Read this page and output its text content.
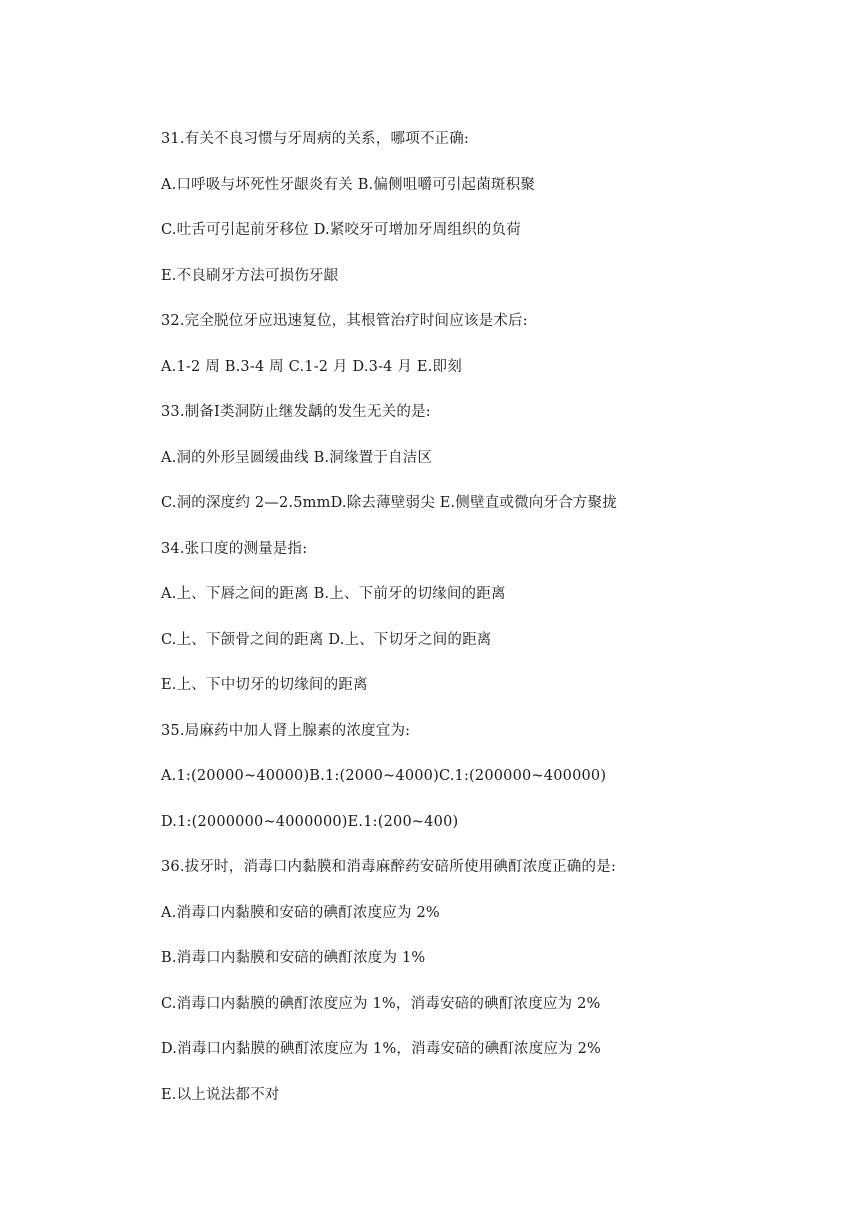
31.有关不良习惯与牙周病的关系，哪项不正确:
A.口呼吸与坏死性牙龈炎有关 B.偏侧咀嚼可引起菌斑积聚
C.吐舌可引起前牙移位 D.紧咬牙可增加牙周组织的负荷
E.不良刷牙方法可损伤牙龈
32.完全脱位牙应迅速复位，其根管治疗时间应该是术后:
A.1-2 周 B.3-4 周 C.1-2 月 D.3-4 月 E.即刻
33.制备Ⅰ类洞防止继发龋的发生无关的是:
A.洞的外形呈圆缓曲线 B.洞缘置于自洁区
C.洞的深度约 2—2.5mmD.除去薄壁弱尖 E.侧壁直或微向牙合方聚拢
34.张口度的测量是指:
A.上、下唇之间的距离 B.上、下前牙的切缘间的距离
C.上、下颌骨之间的距离 D.上、下切牙之间的距离
E.上、下中切牙的切缘间的距离
35.局麻药中加人肾上腺素的浓度宜为:
A.1:(20000~40000)B.1:(2000~4000)C.1:(200000~400000)
D.1:(2000000~4000000)E.1:(200~400)
36.拔牙时，消毒口内黏膜和消毒麻醉药安碚所使用碘酊浓度正确的是:
A.消毒口内黏膜和安碚的碘酊浓度应为 2%
B.消毒口内黏膜和安碚的碘酊浓度为 1%
C.消毒口内黏膜的碘酊浓度应为 1%，消毒安碚的碘酊浓度应为 2%
D.消毒口内黏膜的碘酊浓度应为 1%，消毒安碚的碘酊浓度应为 2%
E.以上说法都不对
